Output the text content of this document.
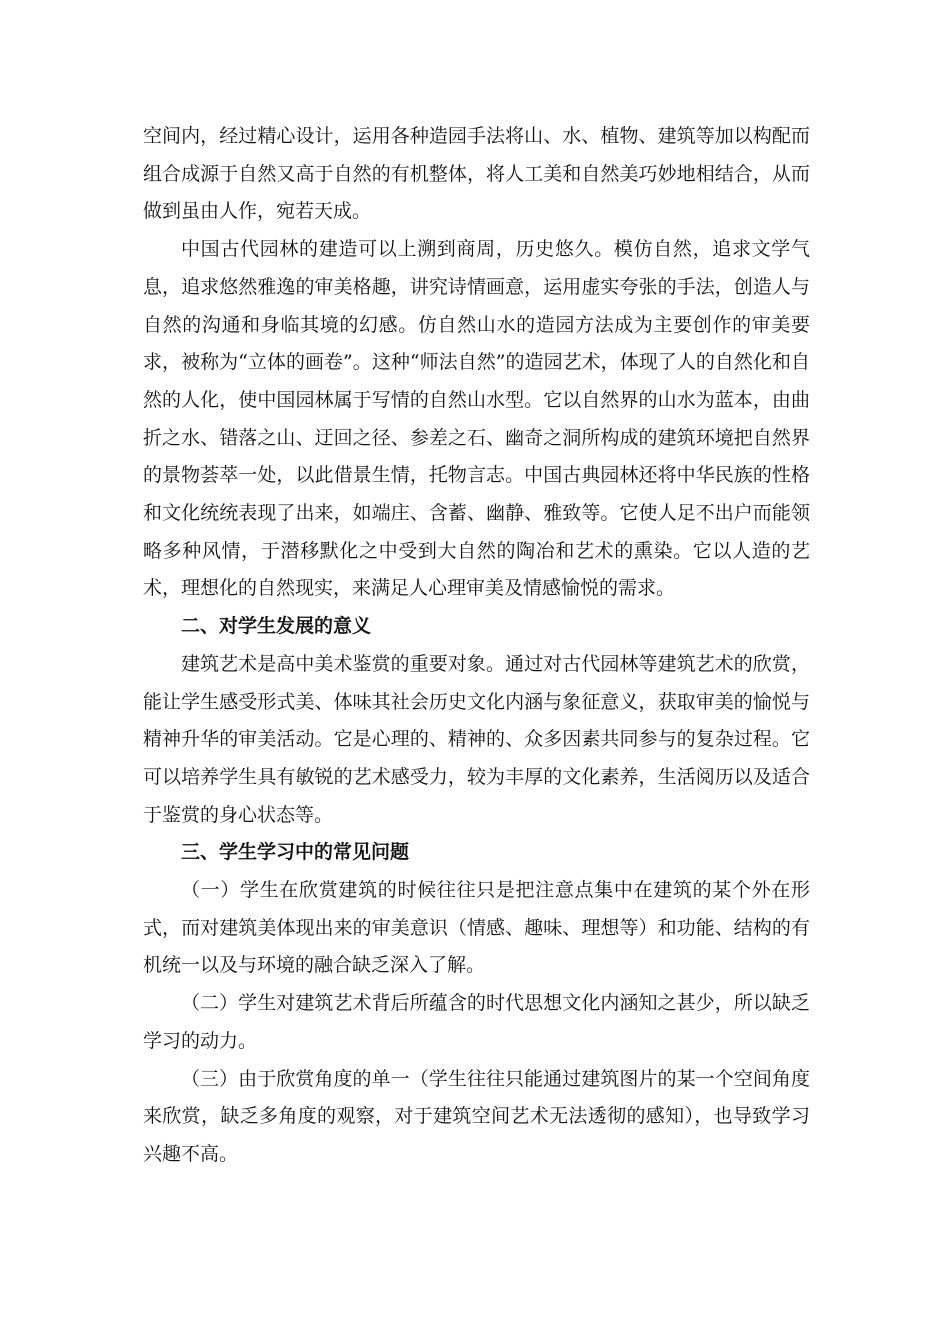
空间内，经过精心设计，运用各种造园手法将山、水、植物、建筑等加以构配而组合成源于自然又高于自然的有机整体，将人工美和自然美巧妙地相结合，从而做到虽由人作，宛若天成。

中国古代园林的建造可以上溯到商周，历史悠久。模仿自然，追求文学气息，追求悠然雅逸的审美格趣，讲究诗情画意，运用虚实夸张的手法，创造人与自然的沟通和身临其境的幻感。仿自然山水的造园方法成为主要创作的审美要求，被称为“立体的画卷”。这种“师法自然”的造园艺术，体现了人的自然化和自然的人化，使中国园林属于写情的自然山水型。它以自然界的山水为蓝本，由曲折之水、错落之山、迂回之径、参差之石、幽奇之洞所构成的建筑环境把自然界的景物荟萃一处，以此借景生情，托物言志。中国古典园林还将中华民族的性格和文化统统表现了出来，如端庄、含蓄、幽静、雅致等。它使人足不出户而能领略多种风情，于潜移默化之中受到大自然的陶冶和艺术的熏染。它以人造的艺术，理想化的自然现实，来满足人心理审美及情感愉悦的需求。

二、对学生发展的意义

建筑艺术是高中美术鉴赏的重要对象。通过对古代园林等建筑艺术的欣赏，能让学生感受形式美、体味其社会历史文化内涵与象征意义，获取审美的愉悦与精神升华的审美活动。它是心理的、精神的、众多因素共同参与的复杂过程。它可以培养学生具有敏锐的艺术感受力，较为丰厚的文化素养，生活阅历以及适合于鉴赏的身心状态等。

三、学生学习中的常见问题

（一）学生在欣赏建筑的时候往往只是把注意点集中在建筑的某个外在形式，而对建筑美体现出来的审美意识（情感、趣味、理想等）和功能、结构的有机统一以及与环境的融合缺乏深入了解。

（二）学生对建筑艺术背后所蕴含的时代思想文化内涵知之甚少，所以缺乏学习的动力。

（三）由于欣赏角度的单一（学生往往只能通过建筑图片的某一个空间角度来欣赏，缺乏多角度的观察，对于建筑空间艺术无法透彻的感知），也导致学习兴趣不高。
